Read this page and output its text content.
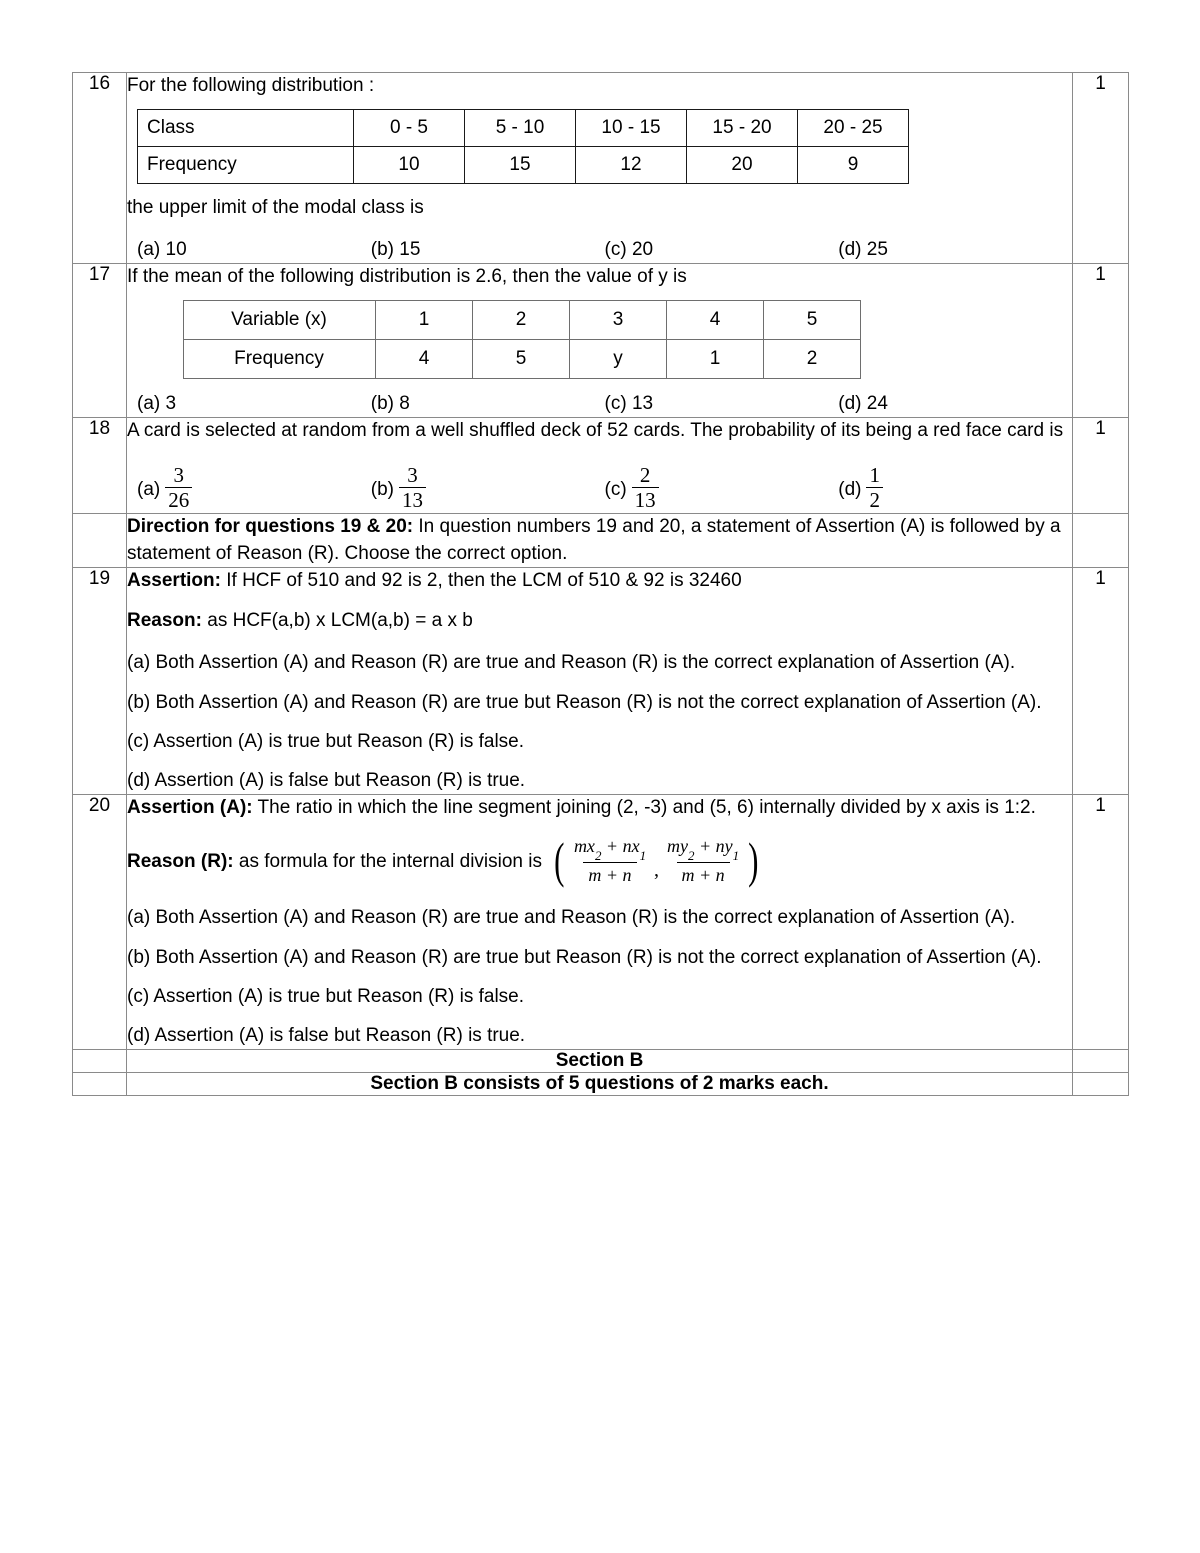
16	For the following distribution :
Class	0 - 5	5 - 10	10 - 15	15 - 20	20 - 25
Frequency	10	15	12	20	9
the upper limit of the modal class is
(a) 10	(b) 15	(c) 20	(d) 25
	1
17	If the mean of the following distribution is 2.6, then the value of y is
Variable (x)	1	2	3	4	5
Frequency	4	5	y	1	2
(a) 3	(b) 8	(c) 13	(d) 24
	1
18	A card is selected at random from a well shuffled deck of 52 cards. The probability of its being a red face card is
$(a) \frac{3}{26}$	$(b) \frac{3}{13}$	$(c) \frac{2}{13}$	$(d) \frac{1}{2}$
	1

Direction for questions 19 & 20: In question numbers 19 and 20, a statement of Assertion (A) is followed by a statement of Reason (R). Choose the correct option.

19	Assertion: If HCF of 510 and 92 is 2, then the LCM of 510 & 92 is 32460
Reason: as HCF(a,b) x LCM(a,b) = a x b
(a) Both Assertion (A) and Reason (R) are true and Reason (R) is the correct explanation of Assertion (A).
(b) Both Assertion (A) and Reason (R) are true but Reason (R) is not the correct explanation of Assertion (A).
(c) Assertion (A) is true but Reason (R) is false.
(d) Assertion (A) is false but Reason (R) is true.
	1
20	Assertion (A): The ratio in which the line segment joining (2, -3) and (5, 6) internally divided by x axis is 1:2.
Reason (R): as formula for the internal division is ( $\frac{mx_2 + nx_1}{m + n}$ , $\frac{my_2 + ny_1}{m + n}$ )
(a) Both Assertion (A) and Reason (R) are true and Reason (R) is the correct explanation of Assertion (A).
(b) Both Assertion (A) and Reason (R) are true but Reason (R) is not the correct explanation of Assertion (A).
(c) Assertion (A) is true but Reason (R) is false.
(d) Assertion (A) is false but Reason (R) is true.
	1
	Section B	
	Section B consists of 5 questions of 2 marks each.	
